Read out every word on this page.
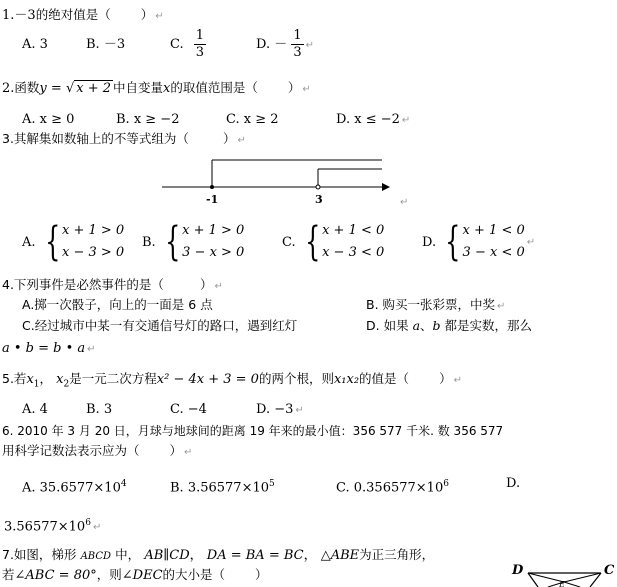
1.－3的绝对值是（ ） ↵
A. 3	B. －3	C. $\frac{1}{3}$	D. － $\frac{1}{3}$ ↵
2.函数y = √ x + 2 中自变量x的取值范围是（ ） ↵
A. x ≥ 0	B. x ≥ −2	C. x ≥ 2	D. x ≤ −2 ↵
3.其解集如数轴上的不等式组为（	） ↵
-1	3	↵
A. { x + 1 > 0
x − 3 > 0
B. { x + 1 > 0
3 − x > 0
C. { x + 1 < 0
x − 3 < 0
D. { x + 1 < 0
3 − x < 0
↵
4.下列事件是必然事件的是（	） ↵
A.掷一次骰子，向上的一面是 6 点	B. 购买一张彩票，中奖 ↵
C.经过城市中某一有交通信号灯的路口，遇到红灯	D. 如果 a、b 都是实数，那么
a • b = b • a ↵
5.若$x_1$， $x_2$是一元二次方程x² − 4x + 3 = 0的两个根，则x₁x₂的值是（ ） ↵
A. 4	B. 3	C. −4	D. −3 ↵
6. 2010 年 3 月 20 日，月球与地球间的距离 19 年来的最小值：356 577 千米. 数 356 577
用科学记数法表示应为（ ） ↵
A. $35.6577\times 10^4$	B. $3.56577\times 10^5$	C. $0.356577\times 10^6$	D.
$3.56577\times 10^6$ ↵
7.如图，梯形 ABCD 中， AB∥CD， DA = BA = BC， △ABE为正三角形，
若∠ABC = 80°，则∠DEC的大小是（ ）	D	C
E
